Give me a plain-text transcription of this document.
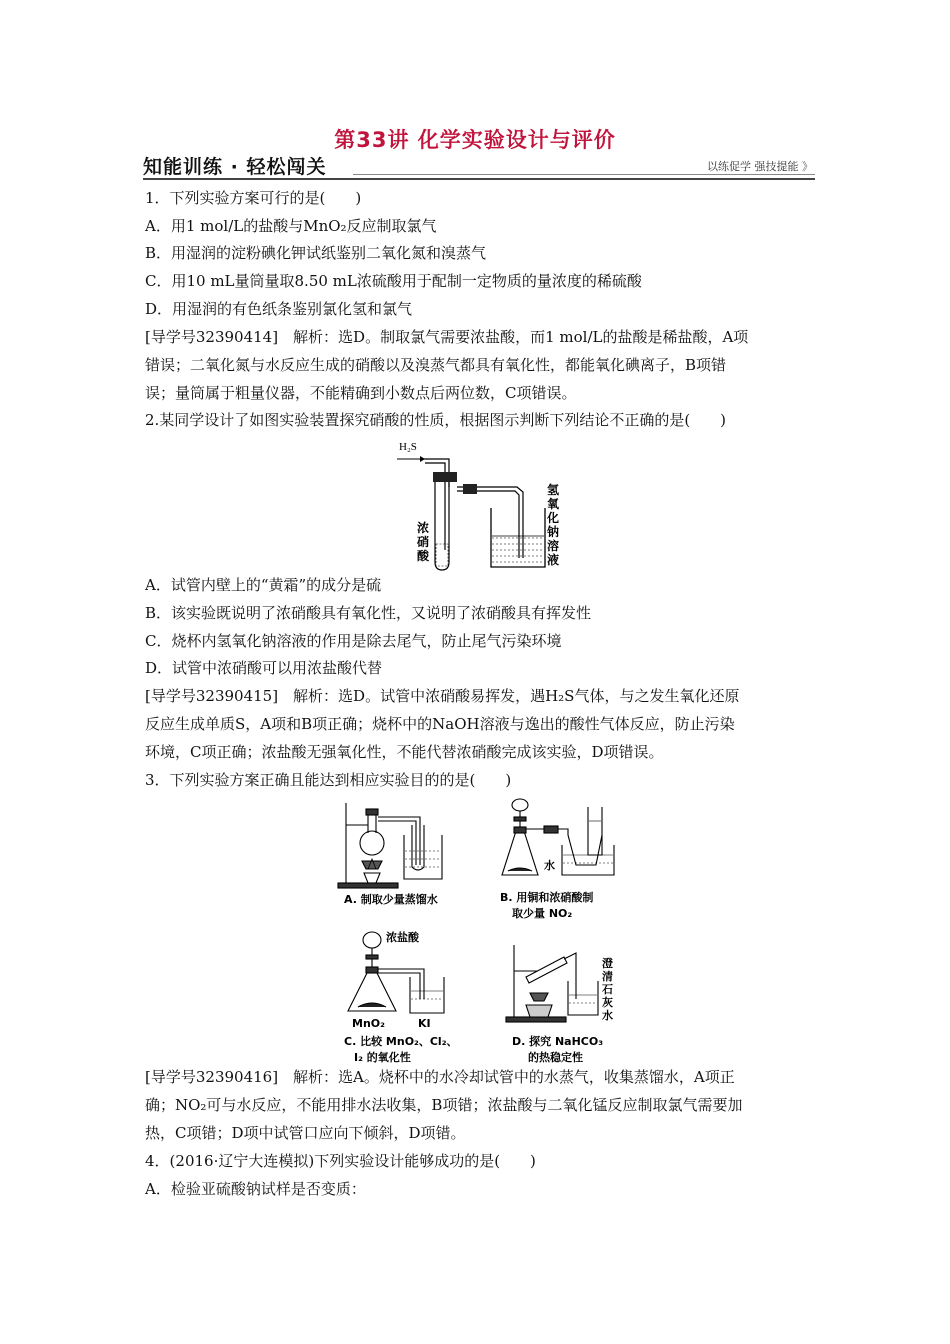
第33讲 化学实验设计与评价
知能训练 · 轻松闯关	以练促学 强技提能 》
1．下列实验方案可行的是(　　)
A．用1 mol/L的盐酸与MnO₂反应制取氯气
B．用湿润的淀粉碘化钾试纸鉴别二氧化氮和溴蒸气
C．用10 mL量筒量取8.50 mL浓硫酸用于配制一定物质的量浓度的稀硫酸
D．用湿润的有色纸条鉴别氯化氢和氯气
[导学号32390414]　解析：选D。制取氯气需要浓盐酸，而1 mol/L的盐酸是稀盐酸，A项
错误；二氧化氮与水反应生成的硝酸以及溴蒸气都具有氧化性，都能氧化碘离子，B项错
误；量筒属于粗量仪器，不能精确到小数点后两位数，C项错误。
2.某同学设计了如图实验装置探究硝酸的性质，根据图示判断下列结论不正确的是(　　)
H₂S
浓
硝
酸
氢
氧
化
钠
溶
液
A．试管内壁上的“黄霜”的成分是硫
B．该实验既说明了浓硝酸具有氧化性，又说明了浓硝酸具有挥发性
C．烧杯内氢氧化钠溶液的作用是除去尾气，防止尾气污染环境
D．试管中浓硝酸可以用浓盐酸代替
[导学号32390415]　解析：选D。试管中浓硝酸易挥发，遇H₂S气体，与之发生氧化还原
反应生成单质S，A项和B项正确；烧杯中的NaOH溶液与逸出的酸性气体反应，防止污染
环境，C项正确；浓盐酸无强氧化性，不能代替浓硝酸完成该实验，D项错误。
3．下列实验方案正确且能达到相应实验目的的是(　　)
A. 制取少量蒸馏水
水
B. 用铜和浓硝酸制
取少量 NO₂
浓盐酸
MnO₂	KI
C. 比较 MnO₂、Cl₂、
I₂ 的氧化性
澄
清
石
灰
水
D. 探究 NaHCO₃
的热稳定性
[导学号32390416]　解析：选A。烧杯中的水冷却试管中的水蒸气，收集蒸馏水，A项正
确；NO₂可与水反应，不能用排水法收集，B项错；浓盐酸与二氧化锰反应制取氯气需要加
热，C项错；D项中试管口应向下倾斜，D项错。
4．(2016·辽宁大连模拟)下列实验设计能够成功的是(　　)
A．检验亚硫酸钠试样是否变质：
